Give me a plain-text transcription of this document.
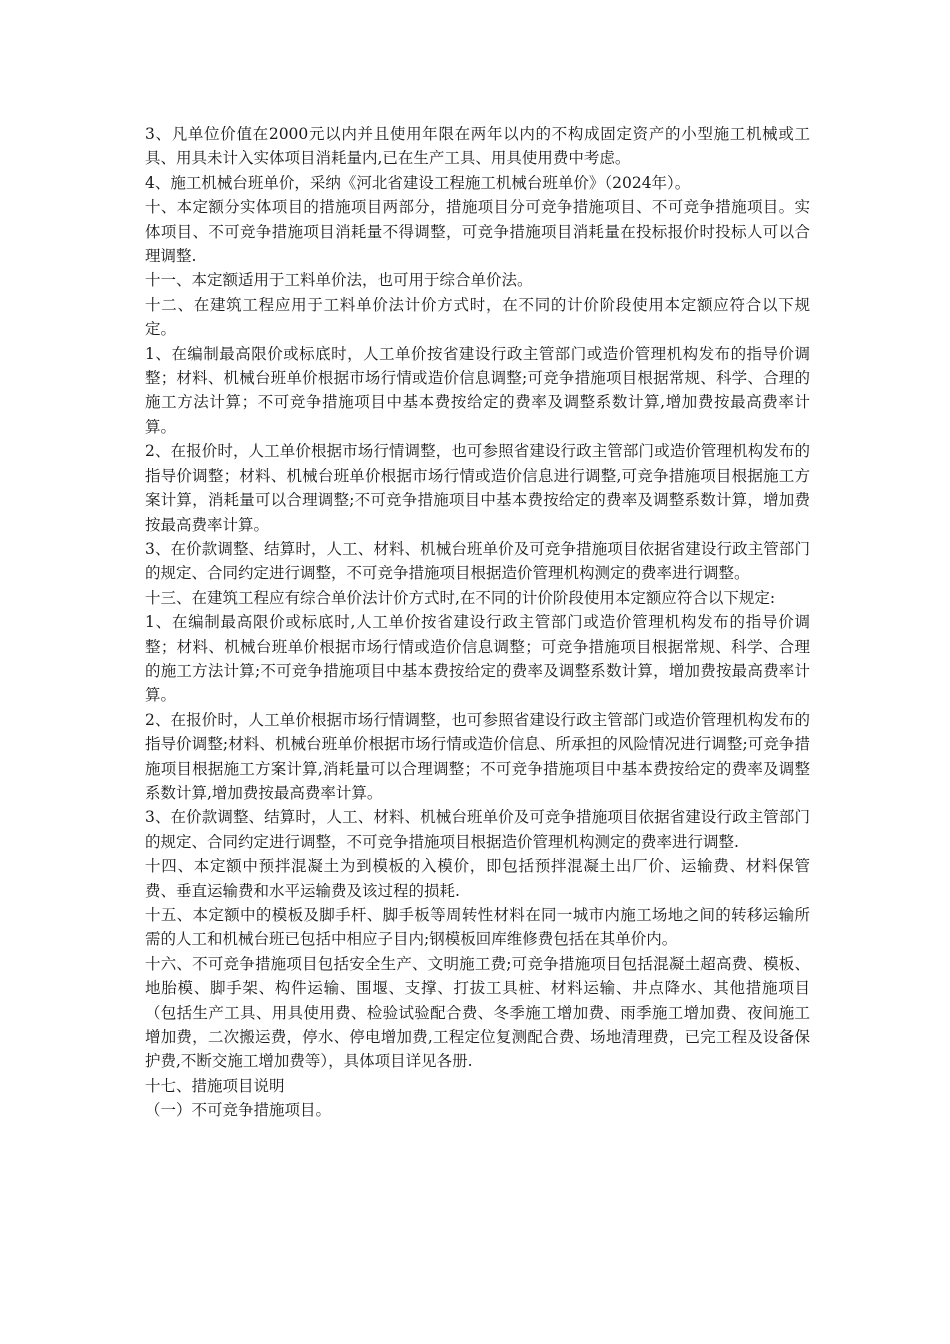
3、凡单位价值在2000元以内并且使用年限在两年以内的不构成固定资产的小型施工机械或工具、用具未计入实体项目消耗量内,已在生产工具、用具使用费中考虑。

4、施工机械台班单价，采纳《河北省建设工程施工机械台班单价》（2024年）。

十、本定额分实体项目的措施项目两部分，措施项目分可竞争措施项目、不可竞争措施项目。实体项目、不可竞争措施项目消耗量不得调整，可竞争措施项目消耗量在投标报价时投标人可以合理调整.

十一、本定额适用于工料单价法，也可用于综合单价法。

十二、在建筑工程应用于工料单价法计价方式时，在不同的计价阶段使用本定额应符合以下规定。

1、在编制最高限价或标底时，人工单价按省建设行政主管部门或造价管理机构发布的指导价调整；材料、机械台班单价根据市场行情或造价信息调整;可竞争措施项目根据常规、科学、合理的施工方法计算；不可竞争措施项目中基本费按给定的费率及调整系数计算,增加费按最高费率计算。

2、在报价时，人工单价根据市场行情调整，也可参照省建设行政主管部门或造价管理机构发布的指导价调整；材料、机械台班单价根据市场行情或造价信息进行调整,可竞争措施项目根据施工方案计算，消耗量可以合理调整;不可竞争措施项目中基本费按给定的费率及调整系数计算，增加费按最高费率计算。

3、在价款调整、结算时，人工、材料、机械台班单价及可竞争措施项目依据省建设行政主管部门的规定、合同约定进行调整，不可竞争措施项目根据造价管理机构测定的费率进行调整。

十三、在建筑工程应有综合单价法计价方式时,在不同的计价阶段使用本定额应符合以下规定:

1、在编制最高限价或标底时,人工单价按省建设行政主管部门或造价管理机构发布的指导价调整；材料、机械台班单价根据市场行情或造价信息调整；可竞争措施项目根据常规、科学、合理的施工方法计算;不可竞争措施项目中基本费按给定的费率及调整系数计算，增加费按最高费率计算。

2、在报价时，人工单价根据市场行情调整，也可参照省建设行政主管部门或造价管理机构发布的指导价调整;材料、机械台班单价根据市场行情或造价信息、所承担的风险情况进行调整;可竞争措施项目根据施工方案计算,消耗量可以合理调整；不可竞争措施项目中基本费按给定的费率及调整系数计算,增加费按最高费率计算。

3、在价款调整、结算时，人工、材料、机械台班单价及可竞争措施项目依据省建设行政主管部门的规定、合同约定进行调整，不可竞争措施项目根据造价管理机构测定的费率进行调整.

十四、本定额中预拌混凝土为到模板的入模价，即包括预拌混凝土出厂价、运输费、材料保管费、垂直运输费和水平运输费及该过程的损耗.

十五、本定额中的模板及脚手杆、脚手板等周转性材料在同一城市内施工场地之间的转移运输所需的人工和机械台班已包括中相应子目内;钢模板回库维修费包括在其单价内。

十六、不可竞争措施项目包括安全生产、文明施工费;可竞争措施项目包括混凝土超高费、模板、地胎模、脚手架、构件运输、围堰、支撑、打拔工具桩、材料运输、井点降水、其他措施项目（包括生产工具、用具使用费、检验试验配合费、冬季施工增加费、雨季施工增加费、夜间施工增加费，二次搬运费，停水、停电增加费,工程定位复测配合费、场地清理费，已完工程及设备保护费,不断交施工增加费等），具体项目详见各册.

十七、措施项目说明

（一）不可竞争措施项目。
